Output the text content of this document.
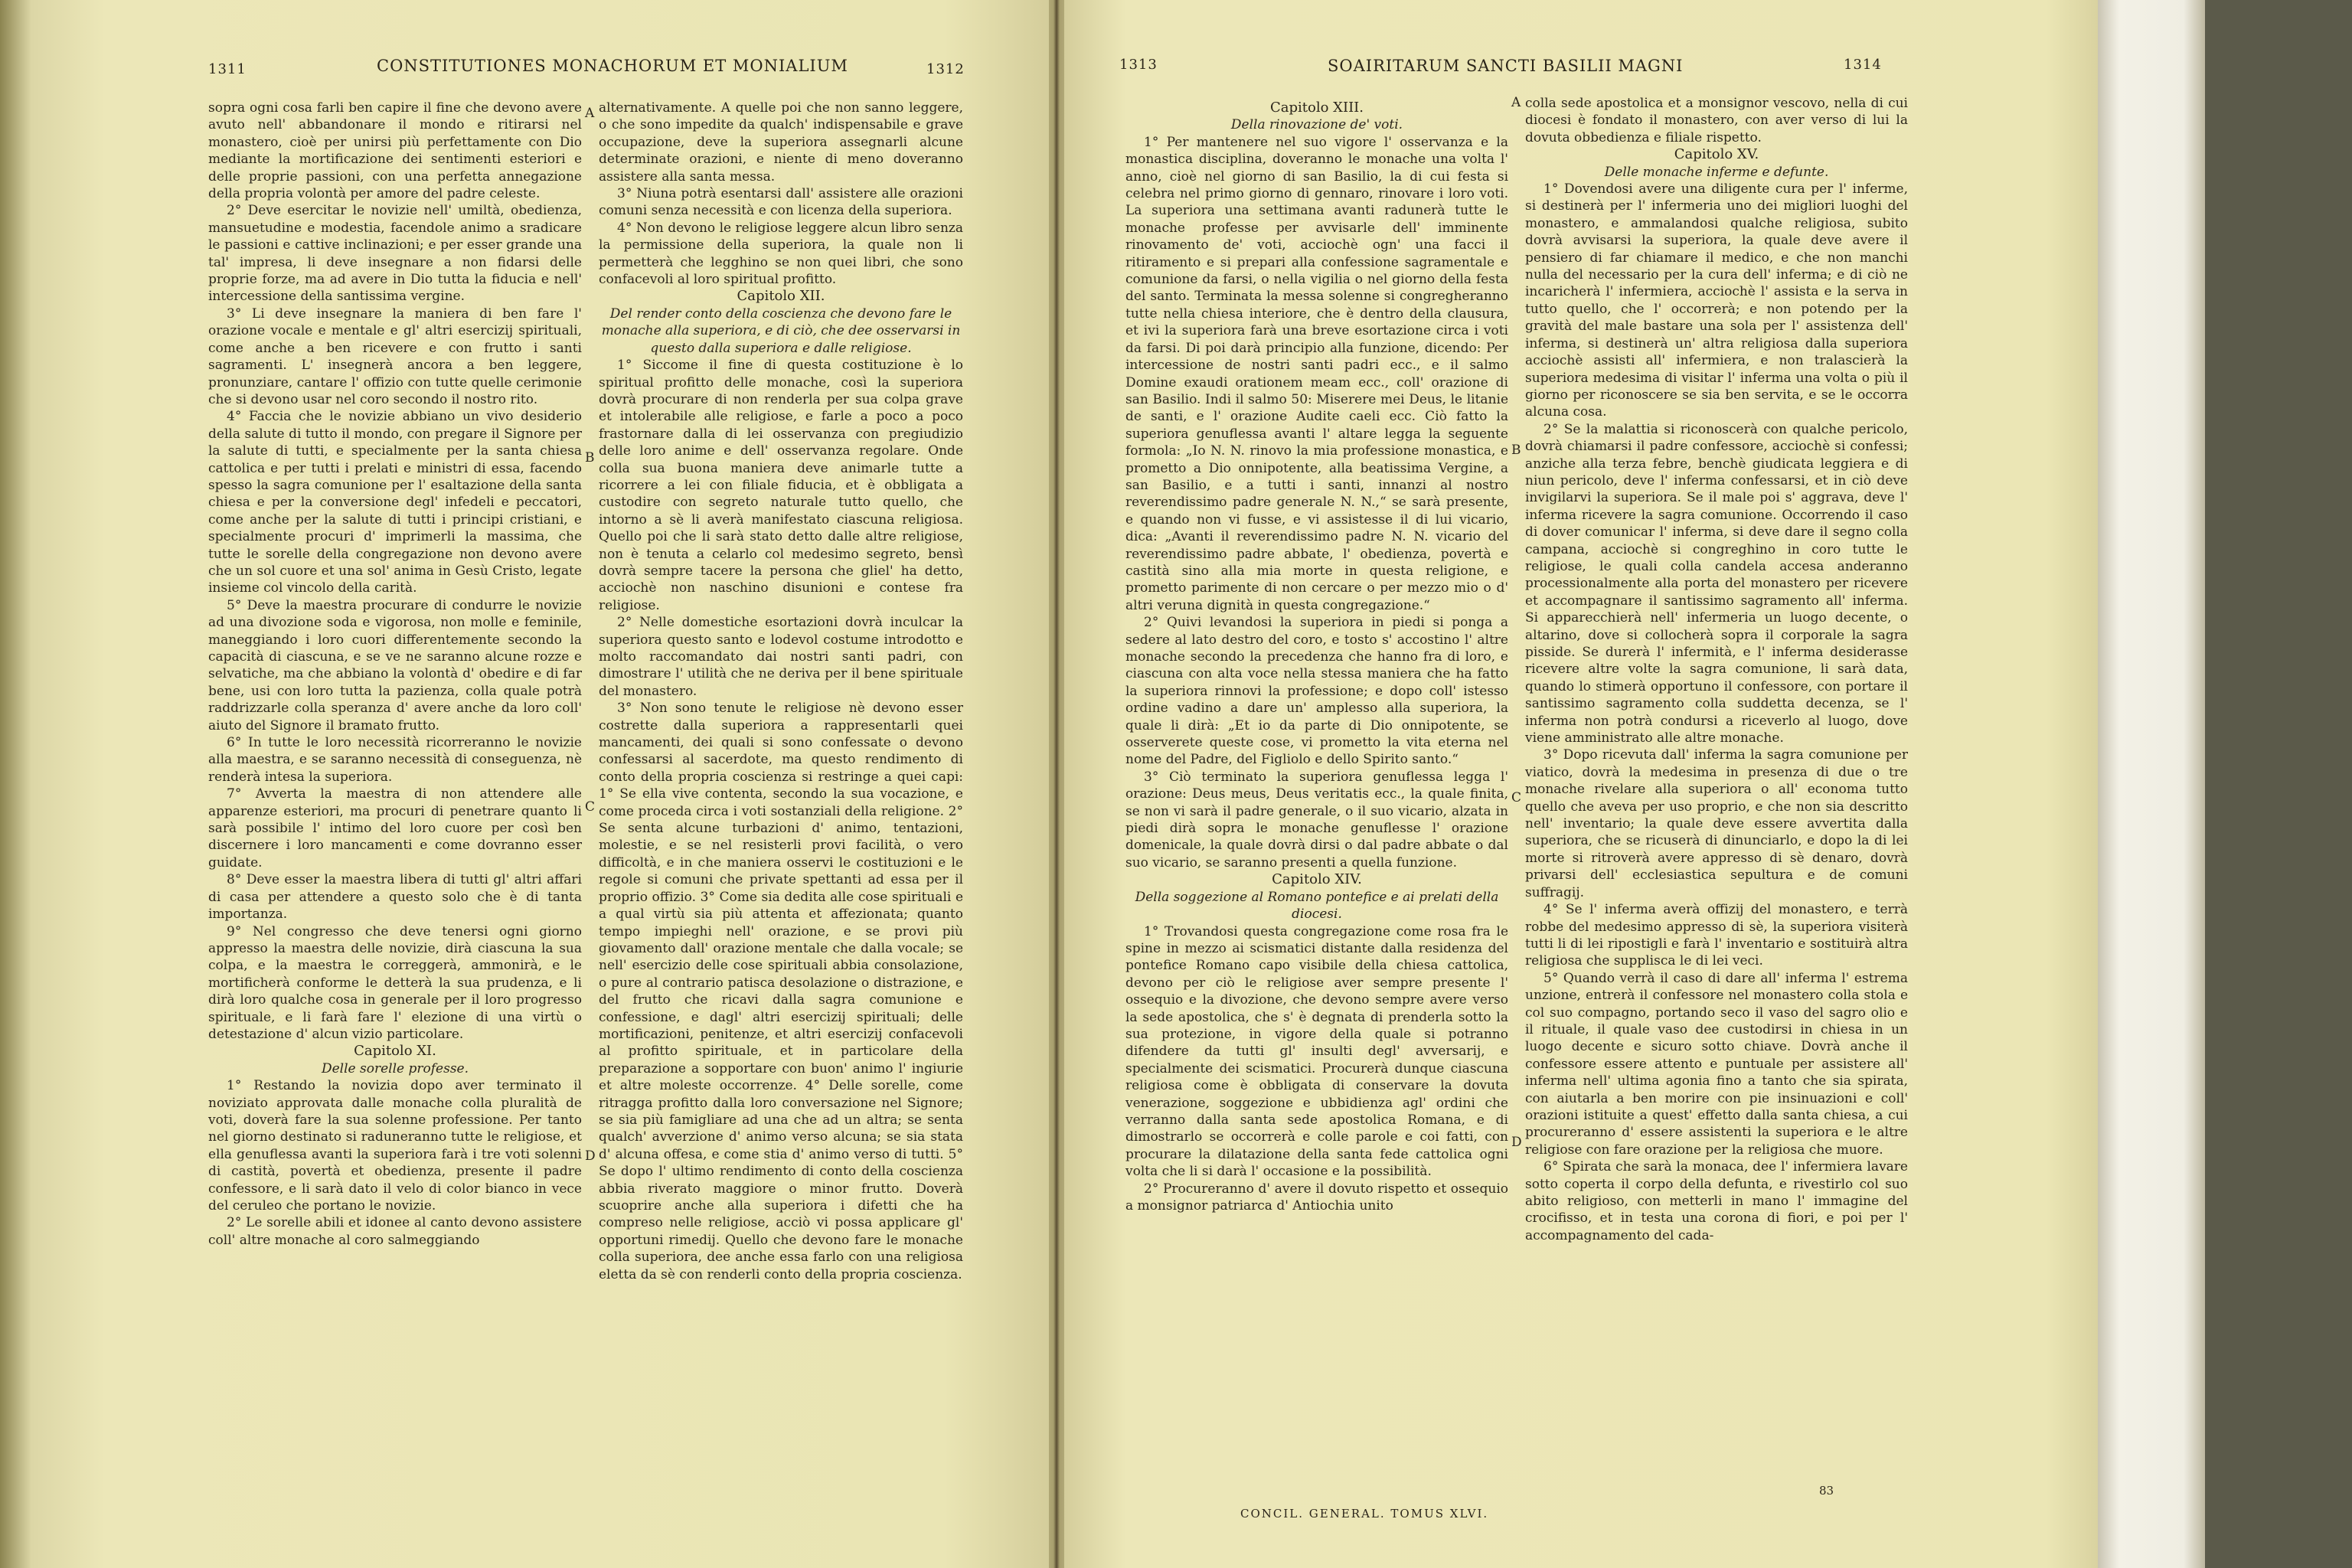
1311	CONSTITUTIONES MONACHORUM ET MONIALIUM	1312

sopra ogni cosa farli ben capire il fine che devono avere avuto nell' abbandonare il mondo e ritirarsi nel monastero, cioè per unirsi più perfettamente con Dio mediante la mortificazione dei sentimenti esteriori e delle proprie passioni, con una perfetta annegazione della propria volontà per amore del padre celeste.

2° Deve esercitar le novizie nell' umiltà, obedienza, mansuetudine e modestia, facendole animo a sradicare le passioni e cattive inclinazioni; e per esser grande una tal' impresa, li deve insegnare a non fidarsi delle proprie forze, ma ad avere in Dio tutta la fiducia e nell' intercessione della santissima vergine.

3° Li deve insegnare la maniera di ben fare l' orazione vocale e mentale e gl' altri esercizij spirituali, come anche a ben ricevere e con frutto i santi sagramenti. L' insegnerà ancora a ben leggere, pronunziare, cantare l' offizio con tutte quelle cerimonie che si devono usar nel coro secondo il nostro rito.

4° Faccia che le novizie abbiano un vivo desiderio della salute di tutto il mondo, con pregare il Signore per la salute di tutti, e specialmente per la santa chiesa cattolica e per tutti i prelati e ministri di essa, facendo spesso la sagra comunione per l' esaltazione della santa chiesa e per la conversione degl' infedeli e peccatori, come anche per la salute di tutti i principi cristiani, e specialmente procuri d' imprimerli la massima, che tutte le sorelle della congregazione non devono avere che un sol cuore et una sol' anima in Gesù Cristo, legate insieme col vincolo della carità.

5° Deve la maestra procurare di condurre le novizie ad una divozione soda e vigorosa, non molle e feminile, maneggiando i loro cuori differentemente secondo la capacità di ciascuna, e se ve ne saranno alcune rozze e selvatiche, ma che abbiano la volontà d' obedire e di far bene, usi con loro tutta la pazienza, colla quale potrà raddrizzarle colla speranza d' avere anche da loro coll' aiuto del Signore il bramato frutto.

6° In tutte le loro necessità ricorreranno le novizie alla maestra, e se saranno necessità di conseguenza, nè renderà intesa la superiora.

7° Avverta la maestra di non attendere alle apparenze esteriori, ma procuri di penetrare quanto li sarà possibile l' intimo del loro cuore per così ben discernere i loro mancamenti e come dovranno esser guidate.

8° Deve esser la maestra libera di tutti gl' altri affari di casa per attendere a questo solo che è di tanta importanza.

9° Nel congresso che deve tenersi ogni giorno appresso la maestra delle novizie, dirà ciascuna la sua colpa, e la maestra le correggerà, ammonirà, e le mortificherà conforme le detterà la sua prudenza, e li dirà loro qualche cosa in generale per il loro progresso spirituale, e li farà fare l' elezione di una virtù o detestazione d' alcun vizio particolare.

Capitolo XI.

Delle sorelle professe.

1° Restando la novizia dopo aver terminato il noviziato approvata dalle monache colla pluralità de voti, doverà fare la sua solenne professione. Per tanto nel giorno destinato si raduneranno tutte le religiose, et ella genuflessa avanti la superiora farà i tre voti solenni di castità, povertà et obedienza, presente il padre confessore, e li sarà dato il velo di color bianco in vece del ceruleo che portano le novizie.

2° Le sorelle abili et idonee al canto devono assistere coll' altre monache al coro salmeggiando

A
B
C
D

alternativamente. A quelle poi che non sanno leggere, o che sono impedite da qualch' indispensabile e grave occupazione, deve la superiora assegnarli alcune determinate orazioni, e niente di meno doveranno assistere alla santa messa.

3° Niuna potrà esentarsi dall' assistere alle orazioni comuni senza necessità e con licenza della superiora.

4° Non devono le religiose leggere alcun libro senza la permissione della superiora, la quale non li permetterà che legghino se non quei libri, che sono confacevoli al loro spiritual profitto.

Capitolo XII.

Del render conto della coscienza che devono fare le monache alla superiora, e di ciò, che dee osservarsi in questo dalla superiora e dalle religiose.

1° Siccome il fine di questa costituzione è lo spiritual profitto delle monache, così la superiora dovrà procurare di non renderla per sua colpa grave et intolerabile alle religiose, e farle a poco a poco frastornare dalla di lei osservanza con pregiudizio delle loro anime e dell' osservanza regolare. Onde colla sua buona maniera deve animarle tutte a ricorrere a lei con filiale fiducia, et è obbligata a custodire con segreto naturale tutto quello, che intorno a sè li averà manifestato ciascuna religiosa. Quello poi che li sarà stato detto dalle altre religiose, non è tenuta a celarlo col medesimo segreto, bensì dovrà sempre tacere la persona che gliel' ha detto, acciochè non naschino disunioni e contese fra religiose.

2° Nelle domestiche esortazioni dovrà inculcar la superiora questo santo e lodevol costume introdotto e molto raccomandato dai nostri santi padri, con dimostrare l' utilità che ne deriva per il bene spirituale del monastero.

3° Non sono tenute le religiose nè devono esser costrette dalla superiora a rappresentarli quei mancamenti, dei quali si sono confessate o devono confessarsi al sacerdote, ma questo rendimento di conto della propria coscienza si restringe a quei capi: 1° Se ella vive contenta, secondo la sua vocazione, e come proceda circa i voti sostanziali della religione. 2° Se senta alcune turbazioni d' animo, tentazioni, molestie, e se nel resisterli provi facilità, o vero difficoltà, e in che maniera osservi le costituzioni e le regole si comuni che private spettanti ad essa per il proprio offizio. 3° Come sia dedita alle cose spirituali e a qual virtù sia più attenta et affezionata; quanto tempo impieghi nell' orazione, e se provi più giovamento dall' orazione mentale che dalla vocale; se nell' esercizio delle cose spirituali abbia consolazione, o pure al contrario patisca desolazione o distrazione, e del frutto che ricavi dalla sagra comunione e confessione, e dagl' altri esercizij spirituali; delle mortificazioni, penitenze, et altri esercizij confacevoli al profitto spirituale, et in particolare della preparazione a sopportare con buon' animo l' ingiurie et altre moleste occorrenze. 4° Delle sorelle, come ritragga profitto dalla loro conversazione nel Signore; se sia più famigliare ad una che ad un altra; se senta qualch' avverzione d' animo verso alcuna; se sia stata d' alcuna offesa, e come stia d' animo verso di tutti. 5° Se dopo l' ultimo rendimento di conto della coscienza abbia riverato maggiore o minor frutto. Doverà scuoprire anche alla superiora i difetti che ha compreso nelle religiose, acciò vi possa applicare gl' opportuni rimedij. Quello che devono fare le monache colla superiora, dee anche essa farlo con una religiosa eletta da sè con renderli conto della propria coscienza.

1313	SOAIRITARUM SANCTI BASILII MAGNI	1314

Capitolo XIII.

Della rinovazione de' voti.

1° Per mantenere nel suo vigore l' osservanza e la monastica disciplina, doveranno le monache una volta l' anno, cioè nel giorno di san Basilio, la di cui festa si celebra nel primo giorno di gennaro, rinovare i loro voti. La superiora una settimana avanti radunerà tutte le monache professe per avvisarle dell' imminente rinovamento de' voti, acciochè ogn' una facci il ritiramento e si prepari alla confessione sagramentale e comunione da farsi, o nella vigilia o nel giorno della festa del santo. Terminata la messa solenne si congregheranno tutte nella chiesa interiore, che è dentro della clausura, et ivi la superiora farà una breve esortazione circa i voti da farsi. Di poi darà principio alla funzione, dicendo: Per intercessione de nostri santi padri ecc., e il salmo Domine exaudi orationem meam ecc., coll' orazione di san Basilio. Indi il salmo 50: Miserere mei Deus, le litanie de santi, e l' orazione Audite caeli ecc. Ciò fatto la superiora genuflessa avanti l' altare legga la seguente formola: „Io N. N. rinovo la mia professione monastica, e prometto a Dio onnipotente, alla beatissima Vergine, a san Basilio, e a tutti i santi, innanzi al nostro reverendissimo padre generale N. N.,“ se sarà presente, e quando non vi fusse, e vi assistesse il di lui vicario, dica: „Avanti il reverendissimo padre N. N. vicario del reverendissimo padre abbate, l' obedienza, povertà e castità sino alla mia morte in questa religione, e prometto parimente di non cercare o per mezzo mio o d' altri veruna dignità in questa congregazione.“

2° Quivi levandosi la superiora in piedi si ponga a sedere al lato destro del coro, e tosto s' accostino l' altre monache secondo la precedenza che hanno fra di loro, e ciascuna con alta voce nella stessa maniera che ha fatto la superiora rinnovi la professione; e dopo coll' istesso ordine vadino a dare un' amplesso alla superiora, la quale li dirà: „Et io da parte di Dio onnipotente, se osserverete queste cose, vi prometto la vita eterna nel nome del Padre, del Figliolo e dello Spirito santo.“

3° Ciò terminato la superiora genuflessa legga l' orazione: Deus meus, Deus veritatis ecc., la quale finita, se non vi sarà il padre generale, o il suo vicario, alzata in piedi dirà sopra le monache genuflesse l' orazione domenicale, la quale dovrà dirsi o dal padre abbate o dal suo vicario, se saranno presenti a quella funzione.

Capitolo XIV.

Della soggezione al Romano pontefice e ai prelati della diocesi.

1° Trovandosi questa congregazione come rosa fra le spine in mezzo ai scismatici distante dalla residenza del pontefice Romano capo visibile della chiesa cattolica, devono per ciò le religiose aver sempre presente l' ossequio e la divozione, che devono sempre avere verso la sede apostolica, che s' è degnata di prenderla sotto la sua protezione, in vigore della quale si potranno difendere da tutti gl' insulti degl' avversarij, e specialmente dei scismatici. Procurerà dunque ciascuna religiosa come è obbligata di conservare la dovuta venerazione, soggezione e ubbidienza agl' ordini che verranno dalla santa sede apostolica Romana, e di dimostrarlo se occorrerà e colle parole e coi fatti, con procurare la dilatazione della santa fede cattolica ogni volta che li si darà l' occasione e la possibilità.

2° Procureranno d' avere il dovuto rispetto et ossequio a monsignor patriarca d' Antiochia unito

CONCIL. GENERAL. TOMUS XLVI.
A
B
C
D

colla sede apostolica et a monsignor vescovo, nella di cui diocesi è fondato il monastero, con aver verso di lui la dovuta obbedienza e filiale rispetto.

Capitolo XV.

Delle monache inferme e defunte.

1° Dovendosi avere una diligente cura per l' inferme, si destinerà per l' infermeria uno dei migliori luoghi del monastero, e ammalandosi qualche religiosa, subito dovrà avvisarsi la superiora, la quale deve avere il pensiero di far chiamare il medico, e che non manchi nulla del necessario per la cura dell' inferma; e di ciò ne incaricherà l' infermiera, acciochè l' assista e la serva in tutto quello, che l' occorrerà; e non potendo per la gravità del male bastare una sola per l' assistenza dell' inferma, si destinerà un' altra religiosa dalla superiora acciochè assisti all' infermiera, e non tralascierà la superiora medesima di visitar l' inferma una volta o più il giorno per riconoscere se sia ben servita, e se le occorra alcuna cosa.

2° Se la malattia si riconoscerà con qualche pericolo, dovrà chiamarsi il padre confessore, acciochè si confessi; anziche alla terza febre, benchè giudicata leggiera e di niun pericolo, deve l' inferma confessarsi, et in ciò deve invigilarvi la superiora. Se il male poi s' aggrava, deve l' inferma ricevere la sagra comunione. Occorrendo il caso di dover comunicar l' inferma, si deve dare il segno colla campana, acciochè si congreghino in coro tutte le religiose, le quali colla candela accesa anderanno processionalmente alla porta del monastero per ricevere et accompagnare il santissimo sagramento all' inferma. Si apparecchierà nell' infermeria un luogo decente, o altarino, dove si collocherà sopra il corporale la sagra pisside. Se durerà l' infermità, e l' inferma desiderasse ricevere altre volte la sagra comunione, li sarà data, quando lo stimerà opportuno il confessore, con portare il santissimo sagramento colla suddetta decenza, se l' inferma non potrà condursi a riceverlo al luogo, dove viene amministrato alle altre monache.

3° Dopo ricevuta dall' inferma la sagra comunione per viatico, dovrà la medesima in presenza di due o tre monache rivelare alla superiora o all' economa tutto quello che aveva per uso proprio, e che non sia descritto nell' inventario; la quale deve essere avvertita dalla superiora, che se ricuserà di dinunciarlo, e dopo la di lei morte si ritroverà avere appresso di sè denaro, dovrà privarsi dell' ecclesiastica sepultura e de comuni suffragij.

4° Se l' inferma averà offizij del monastero, e terrà robbe del medesimo appresso di sè, la superiora visiterà tutti li di lei ripostigli e farà l' inventario e sostituirà altra religiosa che supplisca le di lei veci.

5° Quando verrà il caso di dare all' inferma l' estrema unzione, entrerà il confessore nel monastero colla stola e col suo compagno, portando seco il vaso del sagro olio e il rituale, il quale vaso dee custodirsi in chiesa in un luogo decente e sicuro sotto chiave. Dovrà anche il confessore essere attento e puntuale per assistere all' inferma nell' ultima agonia fino a tanto che sia spirata, con aiutarla a ben morire con pie insinuazioni e coll' orazioni istituite a quest' effetto dalla santa chiesa, a cui procureranno d' essere assistenti la superiora e le altre religiose con fare orazione per la religiosa che muore.

6° Spirata che sarà la monaca, dee l' infermiera lavare sotto coperta il corpo della defunta, e rivestirlo col suo abito religioso, con metterli in mano l' immagine del crocifisso, et in testa una corona di fiori, e poi per l' accompagnamento del cada-

83
